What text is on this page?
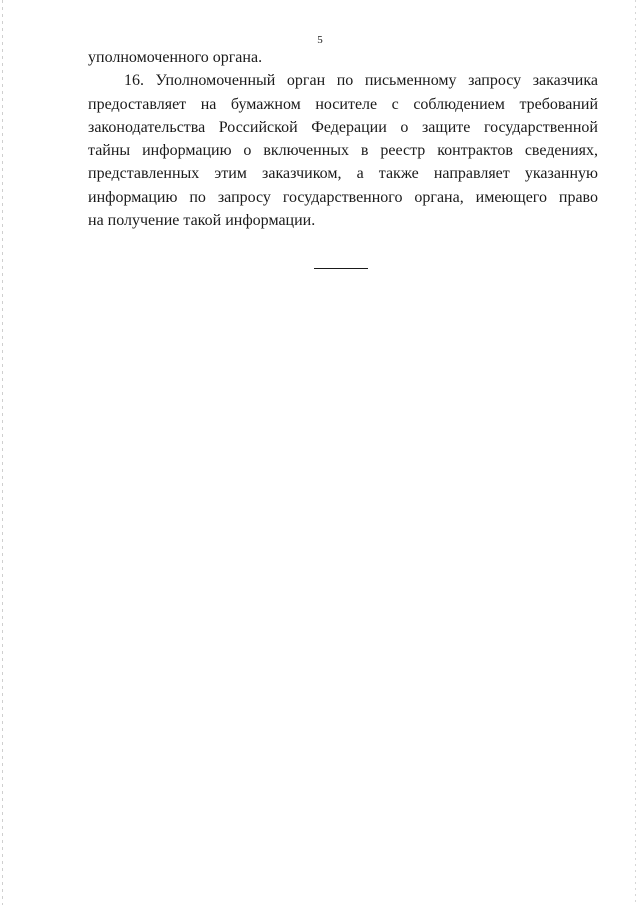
5
уполномоченного органа.
16. Уполномоченный орган по письменному запросу заказчика
предоставляет на бумажном носителе с соблюдением требований
законодательства Российской Федерации о защите государственной
тайны информацию о включенных в реестр контрактов сведениях,
представленных этим заказчиком, а также направляет указанную
информацию по запросу государственного органа, имеющего право
на получение такой информации.
